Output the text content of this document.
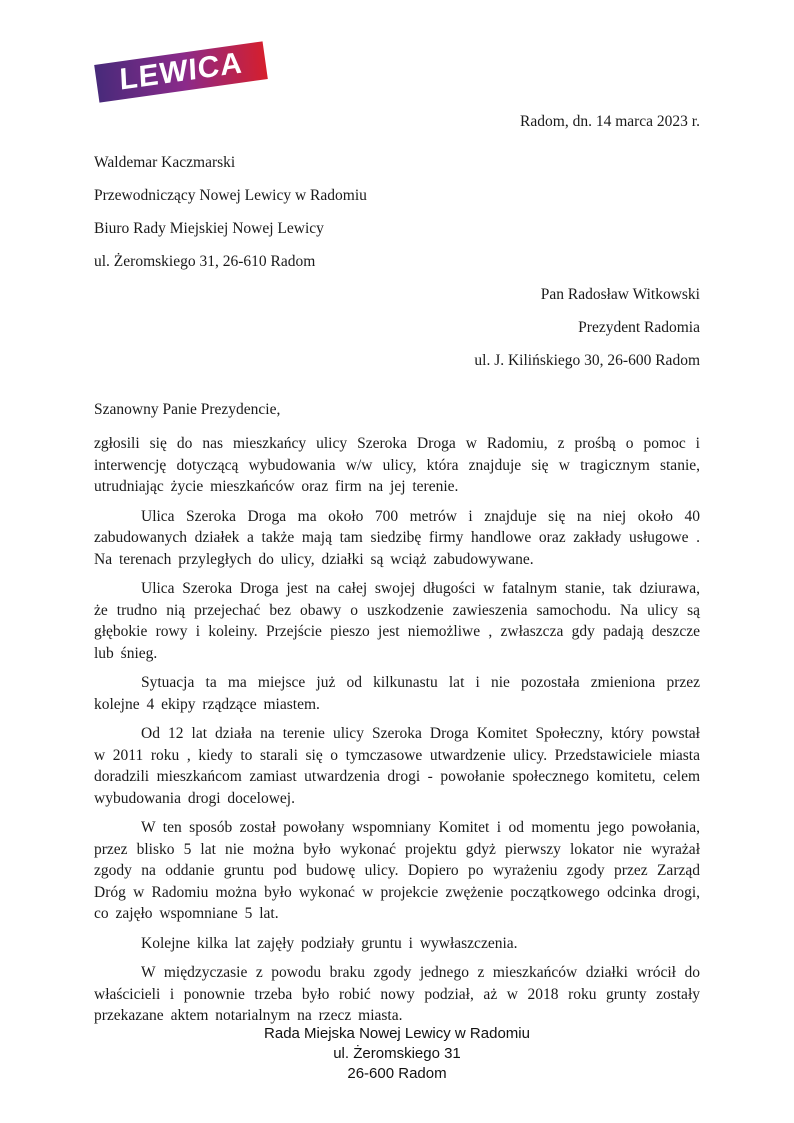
LEWICA
Radom, dn. 14 marca 2023 r.
Waldemar Kaczmarski
Przewodniczący Nowej Lewicy w Radomiu
Biuro Rady Miejskiej Nowej Lewicy
ul. Żeromskiego 31, 26-610 Radom
Pan Radosław Witkowski
Prezydent Radomia
ul. J. Kilińskiego 30, 26-600 Radom

Szanowny Panie Prezydencie,

zgłosili się do nas mieszkańcy ulicy Szeroka Droga w Radomiu, z prośbą o pomoc i interwencję dotyczącą wybudowania w/w ulicy, która znajduje się w tragicznym stanie, utrudniając życie mieszkańców oraz firm na jej terenie.

Ulica Szeroka Droga ma około 700 metrów i znajduje się na niej około 40 zabudowanych działek a także mają tam siedzibę firmy handlowe oraz zakłady usługowe . Na terenach przyległych do ulicy, działki są wciąż zabudowywane.

Ulica Szeroka Droga jest na całej swojej długości w fatalnym stanie, tak dziurawa, że trudno nią przejechać bez obawy o uszkodzenie zawieszenia samochodu. Na ulicy są głębokie rowy i koleiny. Przejście pieszo jest niemożliwe , zwłaszcza gdy padają deszcze lub śnieg.

Sytuacja ta ma miejsce już od kilkunastu lat i nie pozostała zmieniona przez kolejne 4 ekipy rządzące miastem.

Od 12 lat działa na terenie ulicy Szeroka Droga Komitet Społeczny, który powstał w 2011 roku , kiedy to starali się o tymczasowe utwardzenie ulicy. Przedstawiciele miasta doradzili mieszkańcom zamiast utwardzenia drogi - powołanie społecznego komitetu, celem wybudowania drogi docelowej.

W ten sposób został powołany wspomniany Komitet i od momentu jego powołania, przez blisko 5 lat nie można było wykonać projektu gdyż pierwszy lokator nie wyrażał zgody na oddanie gruntu pod budowę ulicy. Dopiero po wyrażeniu zgody przez Zarząd Dróg w Radomiu można było wykonać w projekcie zwężenie początkowego odcinka drogi, co zajęło wspomniane 5 lat.

Kolejne kilka lat zajęły podziały gruntu i wywłaszczenia.

W międzyczasie z powodu braku zgody jednego z mieszkańców działki wrócił do właścicieli i ponownie trzeba było robić nowy podział, aż w 2018 roku grunty zostały przekazane aktem notarialnym na rzecz miasta.

Rada Miejska Nowej Lewicy w Radomiu
ul. Żeromskiego 31
26-600 Radom
